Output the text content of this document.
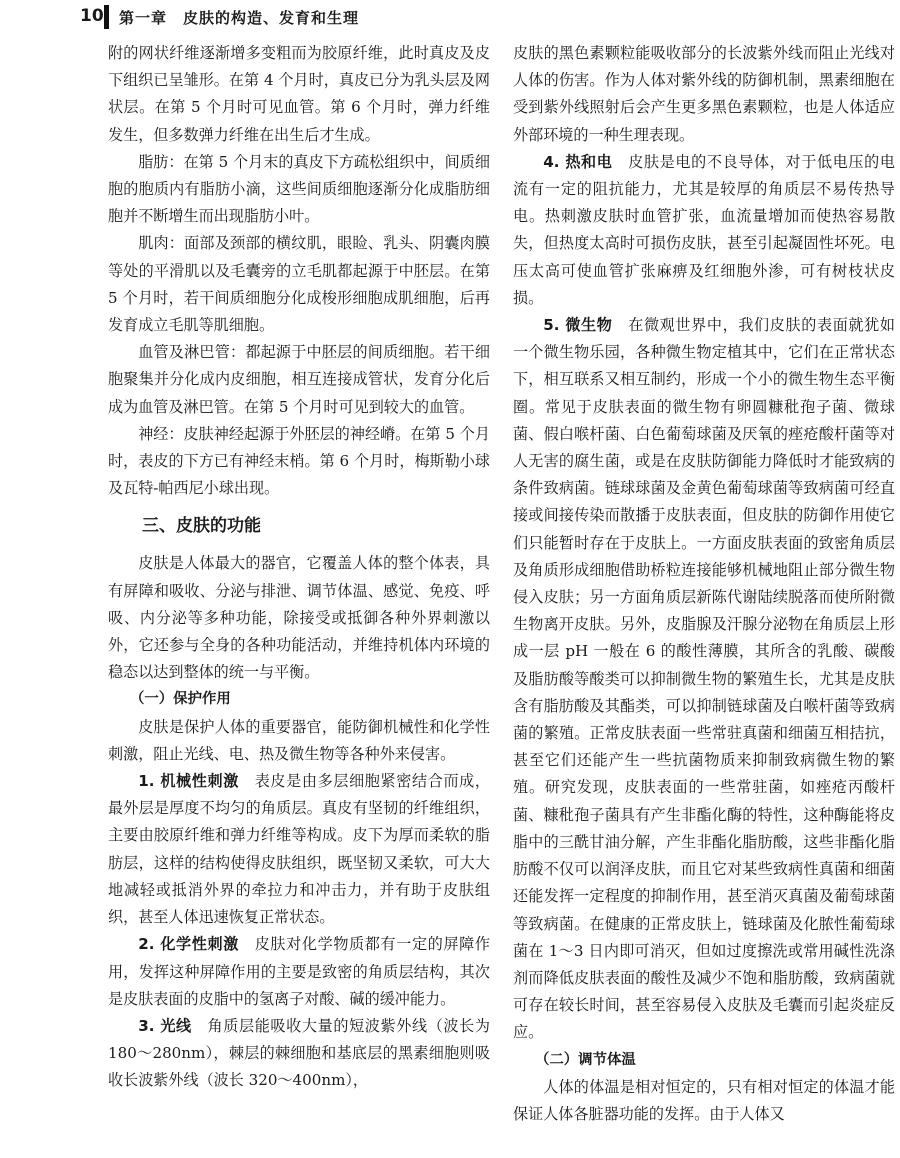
10 第一章　皮肤的构造、发育和生理

附的网状纤维逐渐增多变粗而为胶原纤维，此时真皮及皮下组织已呈雏形。在第 4 个月时，真皮已分为乳头层及网状层。在第 5 个月时可见血管。第 6 个月时，弹力纤维发生，但多数弹力纤维在出生后才生成。

脂肪：在第 5 个月末的真皮下方疏松组织中，间质细胞的胞质内有脂肪小滴，这些间质细胞逐渐分化成脂肪细胞并不断增生而出现脂肪小叶。

肌肉：面部及颈部的横纹肌，眼睑、乳头、阴囊肉膜等处的平滑肌以及毛囊旁的立毛肌都起源于中胚层。在第 5 个月时，若干间质细胞分化成梭形细胞成肌细胞，后再发育成立毛肌等肌细胞。

血管及淋巴管：都起源于中胚层的间质细胞。若干细胞聚集并分化成内皮细胞，相互连接成管状，发育分化后成为血管及淋巴管。在第 5 个月时可见到较大的血管。

神经：皮肤神经起源于外胚层的神经嵴。在第 5 个月时，表皮的下方已有神经末梢。第 6 个月时，梅斯勒小球及瓦特-帕西尼小球出现。

三、皮肤的功能

皮肤是人体最大的器官，它覆盖人体的整个体表，具有屏障和吸收、分泌与排泄、调节体温、感觉、免疫、呼吸、内分泌等多种功能，除接受或抵御各种外界刺激以外，它还参与全身的各种功能活动，并维持机体内环境的稳态以达到整体的统一与平衡。

（一）保护作用

皮肤是保护人体的重要器官，能防御机械性和化学性刺激，阻止光线、电、热及微生物等各种外来侵害。

1. 机械性刺激　表皮是由多层细胞紧密结合而成，最外层是厚度不均匀的角质层。真皮有坚韧的纤维组织，主要由胶原纤维和弹力纤维等构成。皮下为厚而柔软的脂肪层，这样的结构使得皮肤组织，既坚韧又柔软，可大大地减轻或抵消外界的牵拉力和冲击力，并有助于皮肤组织，甚至人体迅速恢复正常状态。

2. 化学性刺激　皮肤对化学物质都有一定的屏障作用，发挥这种屏障作用的主要是致密的角质层结构，其次是皮肤表面的皮脂中的氢离子对酸、碱的缓冲能力。

3. 光线　角质层能吸收大量的短波紫外线（波长为 180～280nm），棘层的棘细胞和基底层的黑素细胞则吸收长波紫外线（波长 320～400nm），

皮肤的黑色素颗粒能吸收部分的长波紫外线而阻止光线对人体的伤害。作为人体对紫外线的防御机制，黑素细胞在受到紫外线照射后会产生更多黑色素颗粒，也是人体适应外部环境的一种生理表现。

4. 热和电　皮肤是电的不良导体，对于低电压的电流有一定的阻抗能力，尤其是较厚的角质层不易传热导电。热刺激皮肤时血管扩张，血流量增加而使热容易散失，但热度太高时可损伤皮肤，甚至引起凝固性坏死。电压太高可使血管扩张麻痹及红细胞外渗，可有树枝状皮损。

5. 微生物　在微观世界中，我们皮肤的表面就犹如一个微生物乐园，各种微生物定植其中，它们在正常状态下，相互联系又相互制约，形成一个小的微生物生态平衡圈。常见于皮肤表面的微生物有卵圆糠秕孢子菌、微球菌、假白喉杆菌、白色葡萄球菌及厌氧的痤疮酸杆菌等对人无害的腐生菌，或是在皮肤防御能力降低时才能致病的条件致病菌。链球球菌及金黄色葡萄球菌等致病菌可经直接或间接传染而散播于皮肤表面，但皮肤的防御作用使它们只能暂时存在于皮肤上。一方面皮肤表面的致密角质层及角质形成细胞借助桥粒连接能够机械地阻止部分微生物侵入皮肤；另一方面角质层新陈代谢陆续脱落而使所附微生物离开皮肤。另外，皮脂腺及汗腺分泌物在角质层上形成一层 pH 一般在 6 的酸性薄膜，其所含的乳酸、碳酸及脂肪酸等酸类可以抑制微生物的繁殖生长，尤其是皮肤含有脂肪酸及其酯类，可以抑制链球菌及白喉杆菌等致病菌的繁殖。正常皮肤表面一些常驻真菌和细菌互相拮抗，甚至它们还能产生一些抗菌物质来抑制致病微生物的繁殖。研究发现，皮肤表面的一些常驻菌，如痤疮丙酸杆菌、糠秕孢子菌具有产生非酯化酶的特性，这种酶能将皮脂中的三酰甘油分解，产生非酯化脂肪酸，这些非酯化脂肪酸不仅可以润泽皮肤，而且它对某些致病性真菌和细菌还能发挥一定程度的抑制作用，甚至消灭真菌及葡萄球菌等致病菌。在健康的正常皮肤上，链球菌及化脓性葡萄球菌在 1～3 日内即可消灭，但如过度擦洗或常用碱性洗涤剂而降低皮肤表面的酸性及减少不饱和脂肪酸，致病菌就可存在较长时间，甚至容易侵入皮肤及毛囊而引起炎症反应。

（二）调节体温

人体的体温是相对恒定的，只有相对恒定的体温才能保证人体各脏器功能的发挥。由于人体又
